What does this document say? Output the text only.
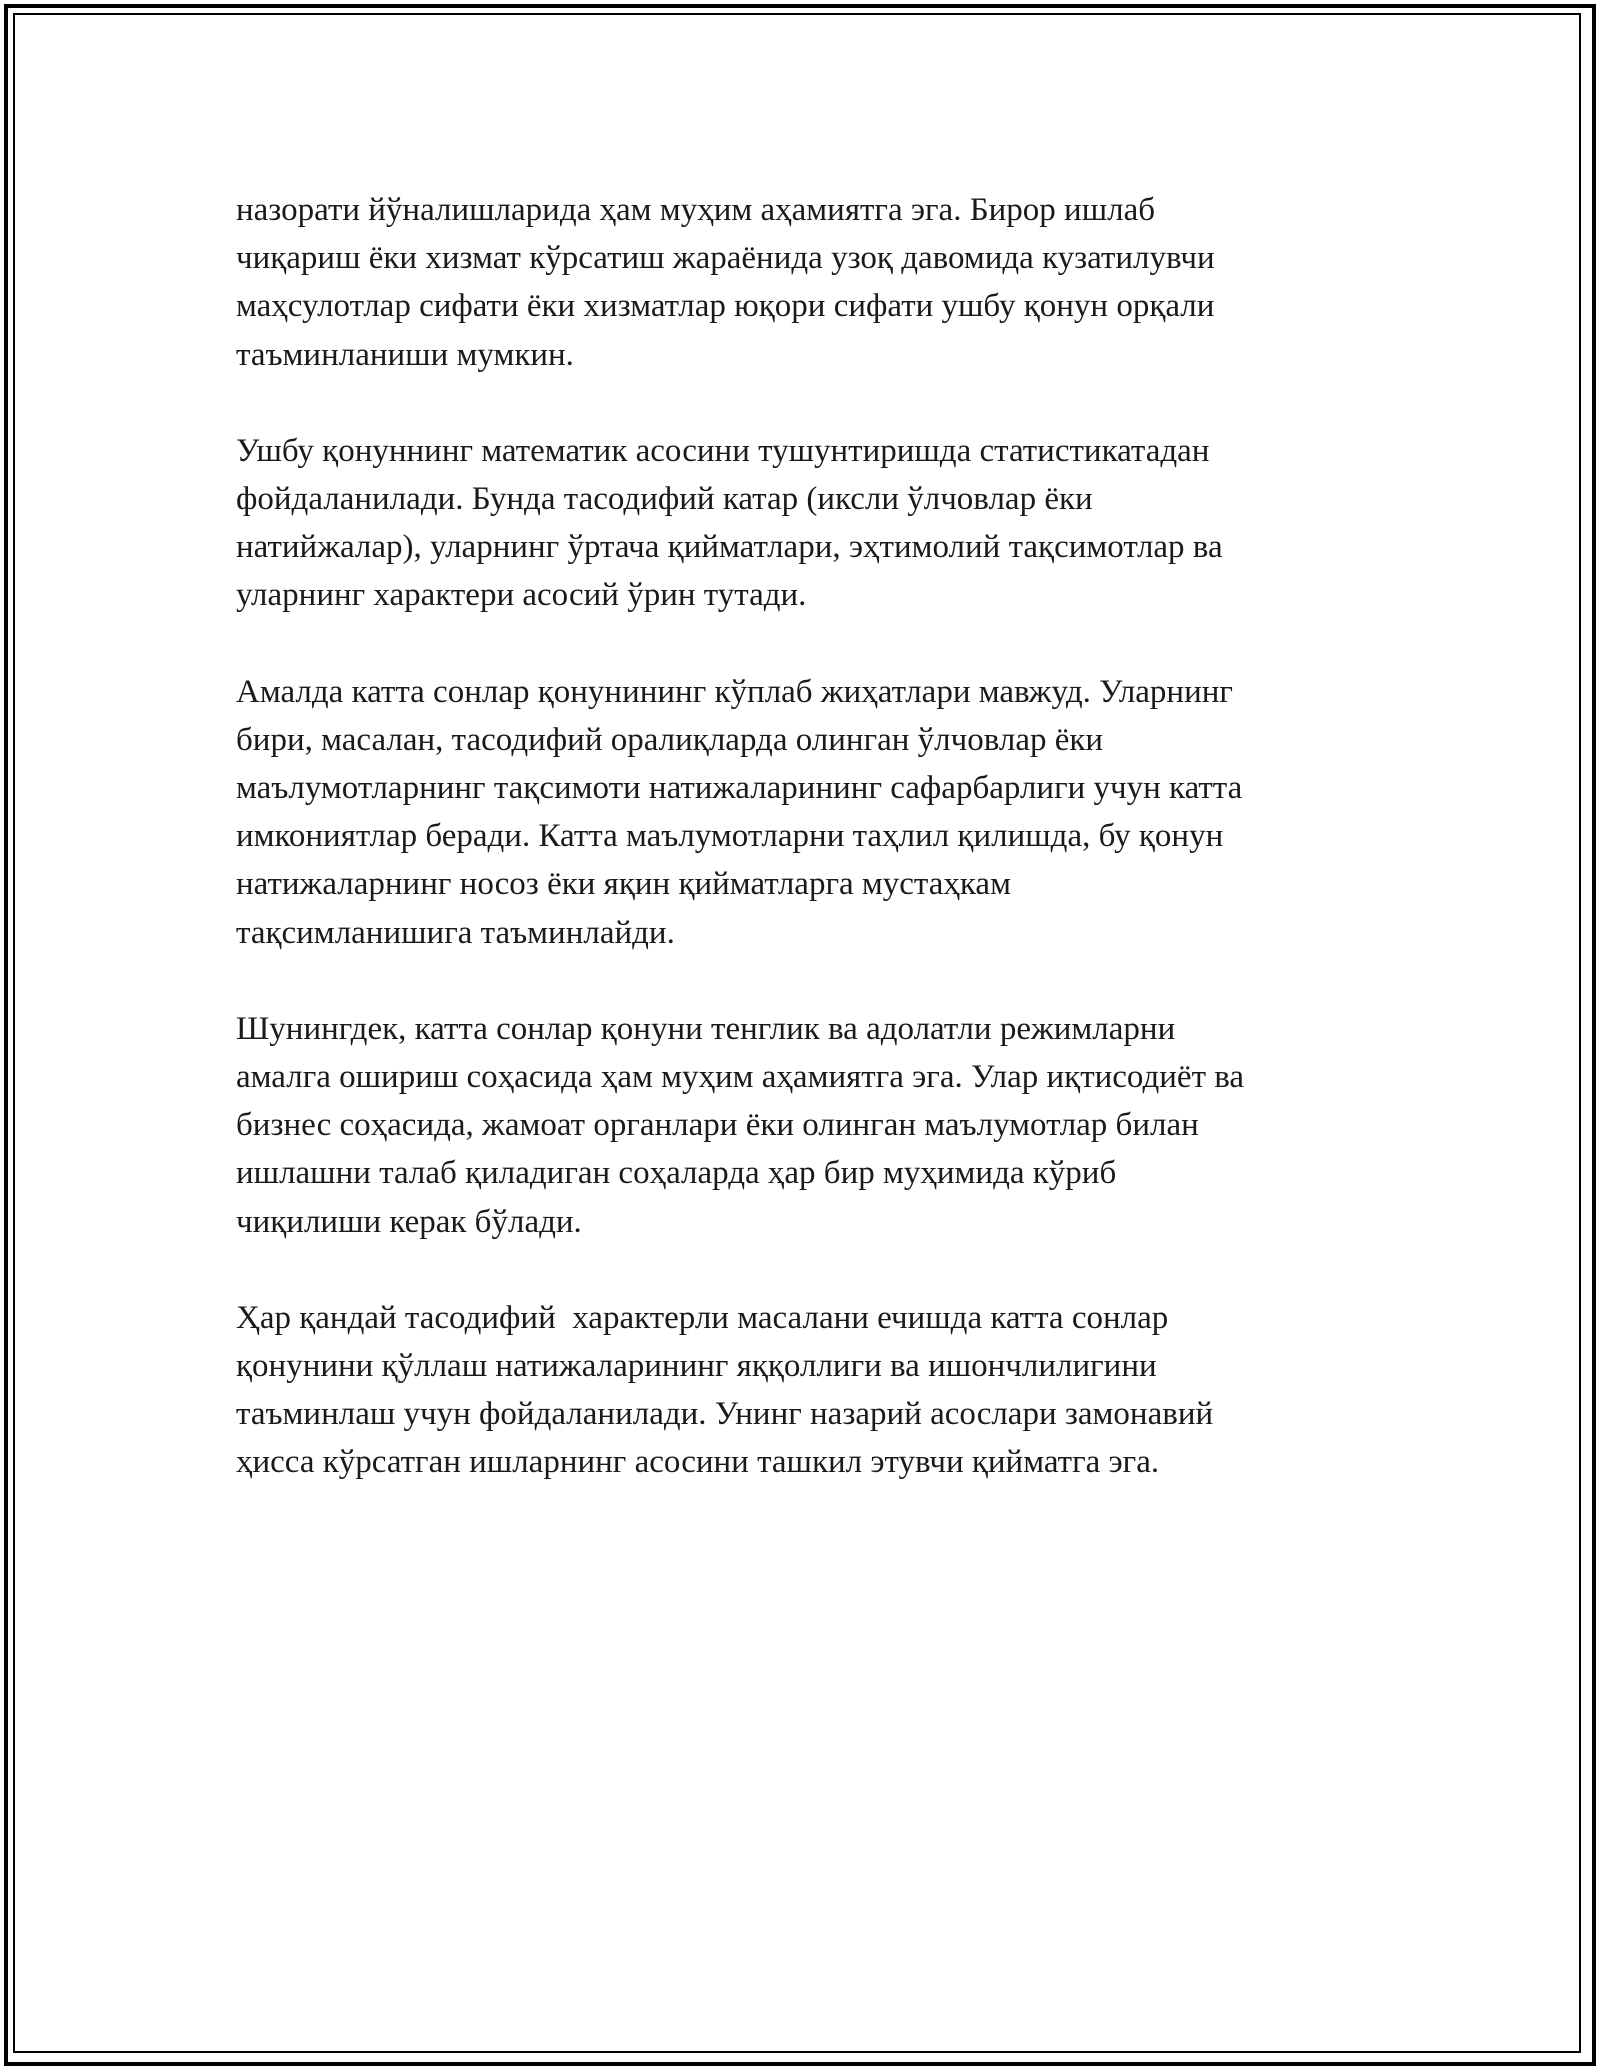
назорати йўналишларида ҳам муҳим аҳамиятга эга. Бирор ишлаб
чиқариш ёки хизмат кўрсатиш жараёнида узоқ давомида кузатилувчи
маҳсулотлар сифати ёки хизматлар юқори сифати ушбу қонун орқали
таъминланиши мумкин.

Ушбу қонуннинг математик асосини тушунтиришда статистикатадан
фойдаланилади. Бунда тасодифий катар (иксли ўлчовлар ёки
натийжалар), уларнинг ўртача қийматлари, эҳтимолий тақсимотлар ва
уларнинг характери асосий ўрин тутади.

Амалда катта сонлар қонунининг кўплаб жиҳатлари мавжуд. Уларнинг
бири, масалан, тасодифий оралиқларда олинган ўлчовлар ёки
маълумотларнинг тақсимоти натижаларининг сафарбарлиги учун катта
имкониятлар беради. Катта маълумотларни таҳлил қилишда, бу қонун
натижаларнинг носоз ёки яқин қийматларга мустаҳкам
тақсимланишига таъминлайди.

Шунингдек, катта сонлар қонуни тенглик ва адолатли режимларни
амалга ошириш соҳасида ҳам муҳим аҳамиятга эга. Улар иқтисодиёт ва
бизнес соҳасида, жамоат органлари ёки олинган маълумотлар билан
ишлашни талаб қиладиган соҳаларда ҳар бир муҳимида кўриб
чиқилиши керак бўлади.

Ҳар қандай тасодифий  характерли масалани ечишда катта сонлар
қонунини қўллаш натижаларининг яққоллиги ва ишончлилигини
таъминлаш учун фойдаланилади. Унинг назарий асослари замонавий
ҳисса кўрсатган ишларнинг асосини ташкил этувчи қийматга эга.
